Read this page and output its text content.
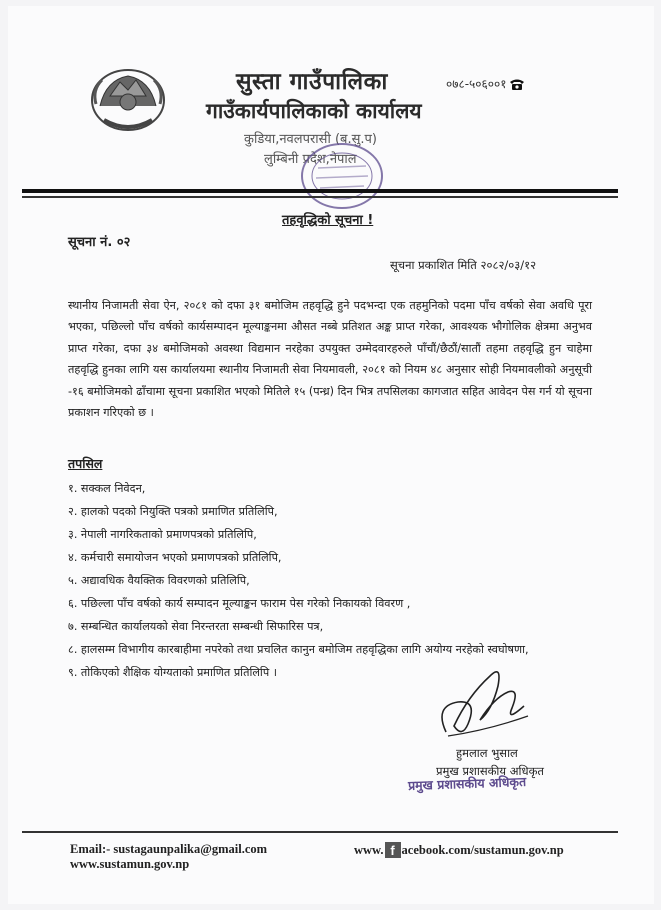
सुस्ता गाउँपालिका
गाउँकार्यपालिकाको कार्यालय
कुडिया,नवलपरासी (ब.सु.प)
लुम्बिनी प्रदेश,नेपाल
०७८-५०६००१
तहवृद्धिको सूचना !
सूचना नं. ०२
सूचना प्रकाशित मिति २०८२/०३/१२
स्थानीय निजामती सेवा ऐन, २०८१ को दफा ३१ बमोजिम तहवृद्धि हुने पदभन्दा एक तहमुनिको पदमा पाँच वर्षको सेवा अवधि पूरा भएका, पछिल्लो पाँच वर्षको कार्यसम्पादन मूल्याङ्कनमा औसत नब्बे प्रतिशत अङ्क प्राप्त गरेका, आवश्यक भौगोलिक क्षेत्रमा अनुभव प्राप्त गरेका, दफा ३४ बमोजिमको अवस्था विद्यमान नरहेका उपयुक्त उम्मेदवारहरुले पाँचौं/छैठौं/सातौं तहमा तहवृद्धि हुन चाहेमा तहवृद्धि हुनका लागि यस कार्यालयमा स्थानीय निजामती सेवा नियमावली, २०८१ को नियम ४८ अनुसार सोही नियमावलीको अनुसूची -१६ बमोजिमको ढाँचामा सूचना प्रकाशित भएको मितिले १५ (पन्ध्र) दिन भित्र तपसिलका कागजात सहित आवेदन पेस गर्न यो सूचना प्रकाशन गरिएको छ ।
तपसिल
१. सक्कल निवेदन,
२. हालको पदको नियुक्ति पत्रको प्रमाणित प्रतिलिपि,
३. नेपाली नागरिकताको प्रमाणपत्रको प्रतिलिपि,
४. कर्मचारी समायोजन भएको प्रमाणपत्रको प्रतिलिपि,
५. अद्यावधिक वैयक्तिक विवरणको प्रतिलिपि,
६. पछिल्ला पाँच वर्षको कार्य सम्पादन मूल्याङ्कन फाराम पेस गरेको निकायको विवरण ,
७. सम्बन्धित कार्यालयको सेवा निरन्तरता सम्बन्धी सिफारिस पत्र,
८. हालसम्म विभागीय कारबाहीमा नपरेको तथा प्रचलित कानुन बमोजिम तहवृद्धिका लागि अयोग्य नरहेको स्वघोषणा,
९. तोकिएको शैक्षिक योग्यताको प्रमाणित प्रतिलिपि ।
हुमलाल भुसाल
प्रमुख प्रशासकीय अधिकृत
प्रमुख प्रशासकीय अधिकृत
Email:- sustagaunpalika@gmail.com
www.sustamun.gov.np
www. f acebook.com/sustamun.gov.np
